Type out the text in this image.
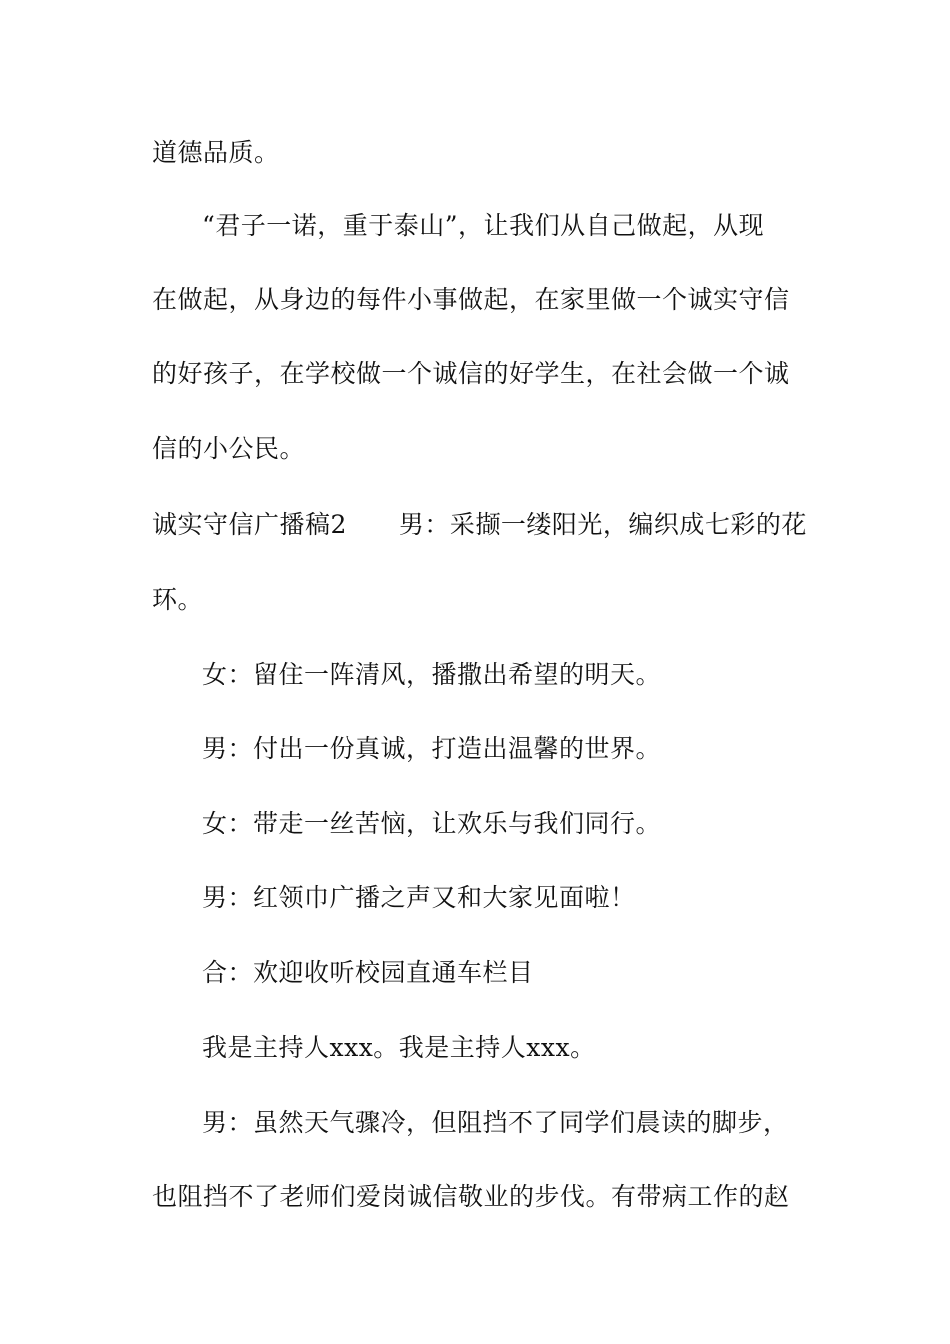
道德品质。
“君子一诺，重于泰山”，让我们从自己做起，从现
在做起，从身边的每件小事做起，在家里做一个诚实守信
的好孩子，在学校做一个诚信的好学生，在社会做一个诚
信的小公民。
诚实守信广播稿2 男：采撷一缕阳光，编织成七彩的花
环。
女：留住一阵清风，播撒出希望的明天。
男：付出一份真诚，打造出温馨的世界。
女：带走一丝苦恼，让欢乐与我们同行。
男：红领巾广播之声又和大家见面啦！
合：欢迎收听校园直通车栏目
我是主持人xxx。我是主持人xxx。
男：虽然天气骤冷，但阻挡不了同学们晨读的脚步，
也阻挡不了老师们爱岗诚信敬业的步伐。有带病工作的赵
